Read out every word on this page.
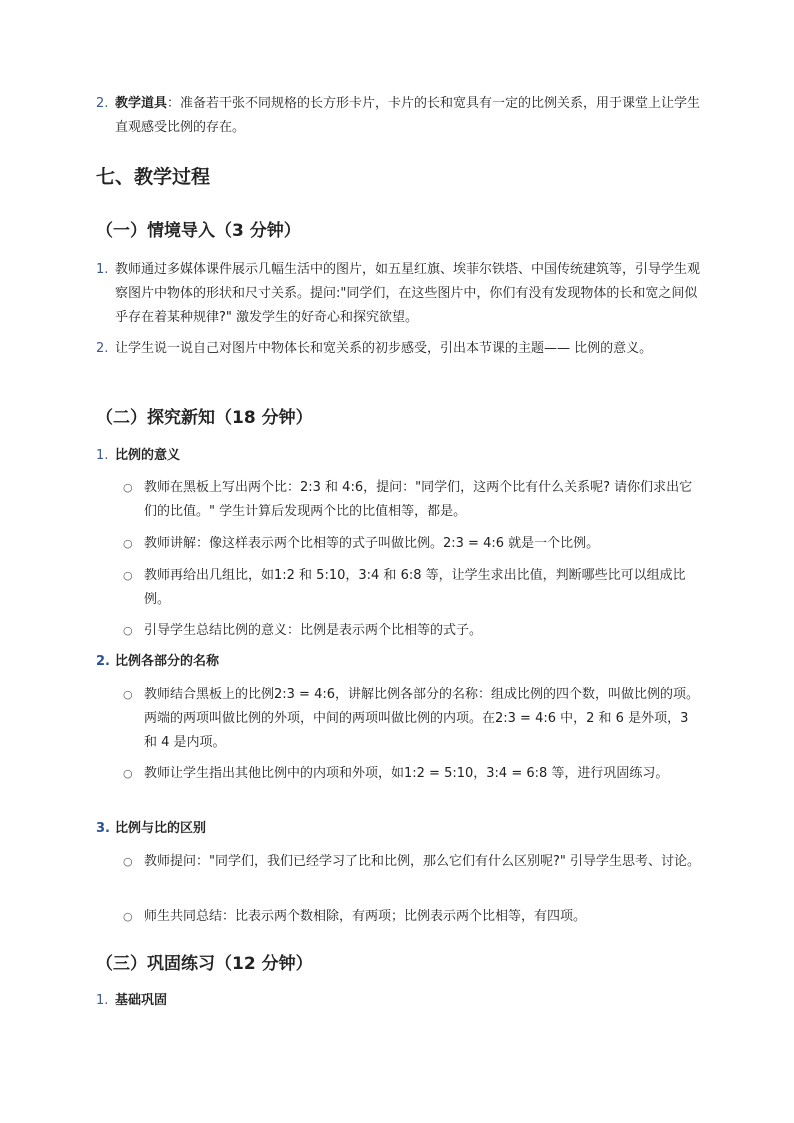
2. 教学道具：准备若干张不同规格的长方形卡片，卡片的长和宽具有一定的比例关系，用于课堂上让学生直观感受比例的存在。
七、教学过程
（一）情境导入（3 分钟）
1. 教师通过多媒体课件展示几幅生活中的图片，如五星红旗、埃菲尔铁塔、中国传统建筑等，引导学生观察图片中物体的形状和尺寸关系。提问:"同学们，在这些图片中，你们有没有发现物体的长和宽之间似乎存在着某种规律?" 激发学生的好奇心和探究欲望。
2. 让学生说一说自己对图片中物体长和宽关系的初步感受，引出本节课的主题—— 比例的意义。
（二）探究新知（18 分钟）
1. 比例的意义
○ 教师在黑板上写出两个比：2:3 和 4:6，提问："同学们，这两个比有什么关系呢? 请你们求出它们的比值。" 学生计算后发现两个比的比值相等，都是。
○ 教师讲解：像这样表示两个比相等的式子叫做比例。2:3 = 4:6 就是一个比例。
○ 教师再给出几组比，如1:2 和 5:10，3:4 和 6:8 等，让学生求出比值，判断哪些比可以组成比例。
○ 引导学生总结比例的意义：比例是表示两个比相等的式子。
2. 比例各部分的名称
○ 教师结合黑板上的比例2:3 = 4:6，讲解比例各部分的名称：组成比例的四个数，叫做比例的项。两端的两项叫做比例的外项，中间的两项叫做比例的内项。在2:3 = 4:6 中，2 和 6 是外项，3 和 4 是内项。
○ 教师让学生指出其他比例中的内项和外项，如1:2 = 5:10，3:4 = 6:8 等，进行巩固练习。
3. 比例与比的区别
○ 教师提问："同学们，我们已经学习了比和比例，那么它们有什么区别呢?" 引导学生思考、讨论。
○ 师生共同总结：比表示两个数相除，有两项；比例表示两个比相等，有四项。
（三）巩固练习（12 分钟）
1. 基础巩固
